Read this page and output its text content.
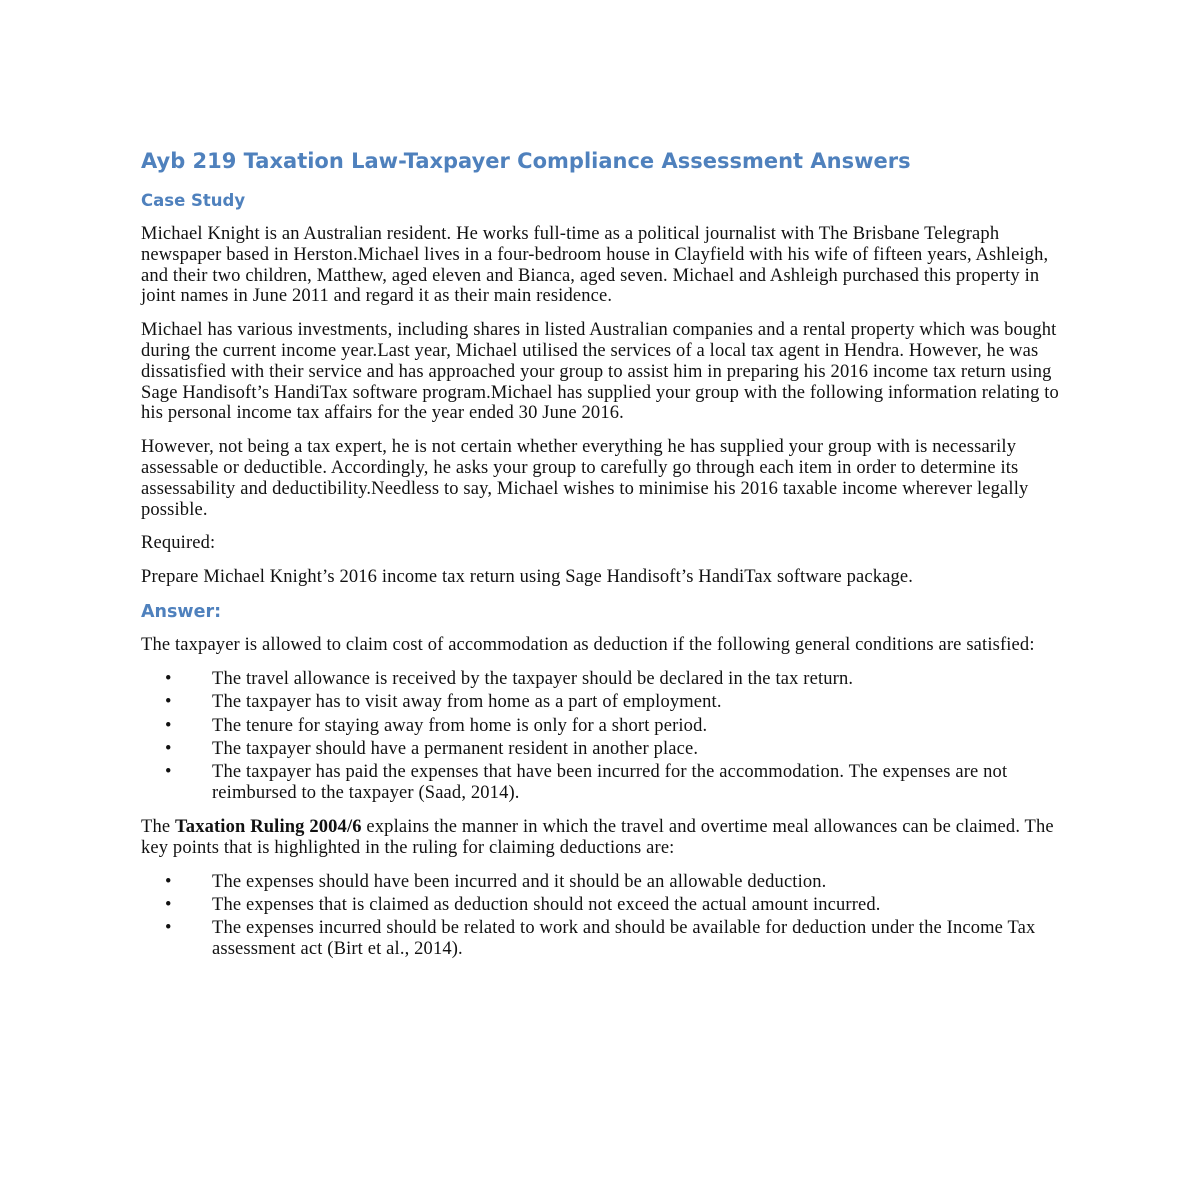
Ayb 219 Taxation Law-Taxpayer Compliance Assessment Answers
Case Study

Michael Knight is an Australian resident. He works full-time as a political journalist with The Brisbane Telegraph newspaper based in Herston.Michael lives in a four-bedroom house in Clayfield with his wife of fifteen years, Ashleigh, and their two children, Matthew, aged eleven and Bianca, aged seven. Michael and Ashleigh purchased this property in joint names in June 2011 and regard it as their main residence.

Michael has various investments, including shares in listed Australian companies and a rental property which was bought during the current income year.Last year, Michael utilised the services of a local tax agent in Hendra. However, he was dissatisfied with their service and has approached your group to assist him in preparing his 2016 income tax return using Sage Handisoft’s HandiTax software program.Michael has supplied your group with the following information relating to his personal income tax affairs for the year ended 30 June 2016.

However, not being a tax expert, he is not certain whether everything he has supplied your group with is necessarily assessable or deductible. Accordingly, he asks your group to carefully go through each item in order to determine its assessability and deductibility.Needless to say, Michael wishes to minimise his 2016 taxable income wherever legally possible.

Required:

Prepare Michael Knight’s 2016 income tax return using Sage Handisoft’s HandiTax software package.

Answer:

The taxpayer is allowed to claim cost of accommodation as deduction if the following general conditions are satisfied:

• The travel allowance is received by the taxpayer should be declared in the tax return.
• The taxpayer has to visit away from home as a part of employment.
• The tenure for staying away from home is only for a short period.
• The taxpayer should have a permanent resident in another place.
• The taxpayer has paid the expenses that have been incurred for the accommodation. The expenses are not reimbursed to the taxpayer (Saad, 2014).

The Taxation Ruling 2004/6 explains the manner in which the travel and overtime meal allowances can be claimed. The key points that is highlighted in the ruling for claiming deductions are:

• The expenses should have been incurred and it should be an allowable deduction.
• The expenses that is claimed as deduction should not exceed the actual amount incurred.
• The expenses incurred should be related to work and should be available for deduction under the Income Tax assessment act (Birt et al., 2014).
